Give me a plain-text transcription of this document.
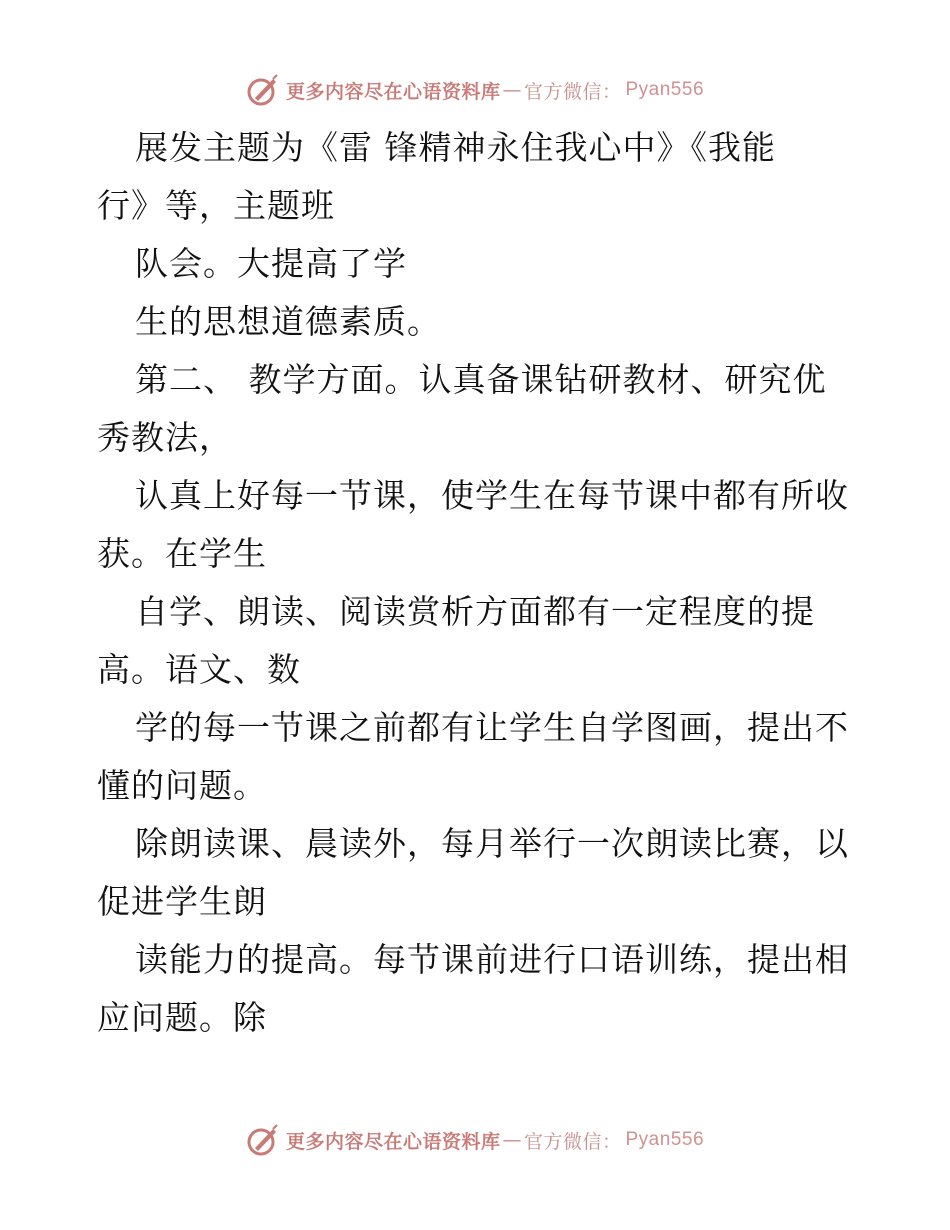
更多内容尽在心语资料库 — 官方微信： Pyan556
展发主题为《雷 锋精神永住我心中》《我能
行》等，主题班
队会。大提高了学
生的思想道德素质。
第二、 教学方面。认真备课钻研教材、研究优
秀教法，
认真上好每一节课，使学生在每节课中都有所收
获。在学生
自学、朗读、阅读赏析方面都有一定程度的提
高。语文、数
学的每一节课之前都有让学生自学图画，提出不
懂的问题。
除朗读课、晨读外，每月举行一次朗读比赛，以
促进学生朗
读能力的提高。每节课前进行口语训练，提出相
应问题。除
更多内容尽在心语资料库 — 官方微信： Pyan556
